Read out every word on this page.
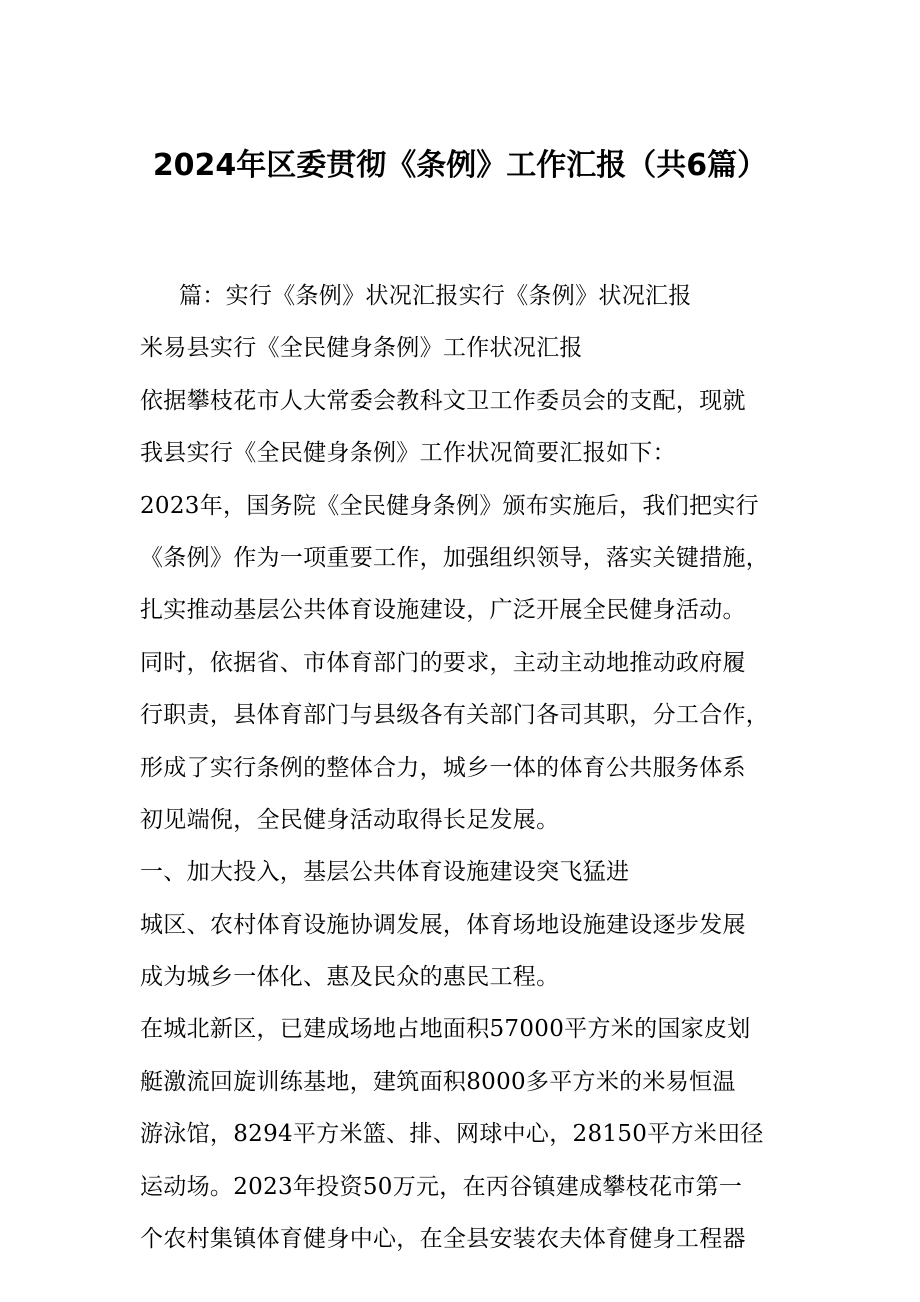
2024年区委贯彻《条例》工作汇报（共6篇）
篇：实行《条例》状况汇报实行《条例》状况汇报
米易县实行《全民健身条例》工作状况汇报
依据攀枝花市人大常委会教科文卫工作委员会的支配，现就
我县实行《全民健身条例》工作状况简要汇报如下：
2023年，国务院《全民健身条例》颁布实施后，我们把实行
《条例》作为一项重要工作，加强组织领导，落实关键措施，
扎实推动基层公共体育设施建设，广泛开展全民健身活动。
同时，依据省、市体育部门的要求，主动主动地推动政府履
行职责，县体育部门与县级各有关部门各司其职，分工合作，
形成了实行条例的整体合力，城乡一体的体育公共服务体系
初见端倪，全民健身活动取得长足发展。
一、加大投入，基层公共体育设施建设突飞猛进
城区、农村体育设施协调发展，体育场地设施建设逐步发展
成为城乡一体化、惠及民众的惠民工程。
在城北新区，已建成场地占地面积57000平方米的国家皮划
艇激流回旋训练基地，建筑面积8000多平方米的米易恒温
游泳馆，8294平方米篮、排、网球中心，28150平方米田径
运动场。2023年投资50万元，在丙谷镇建成攀枝花市第一
个农村集镇体育健身中心，在全县安装农夫体育健身工程器
